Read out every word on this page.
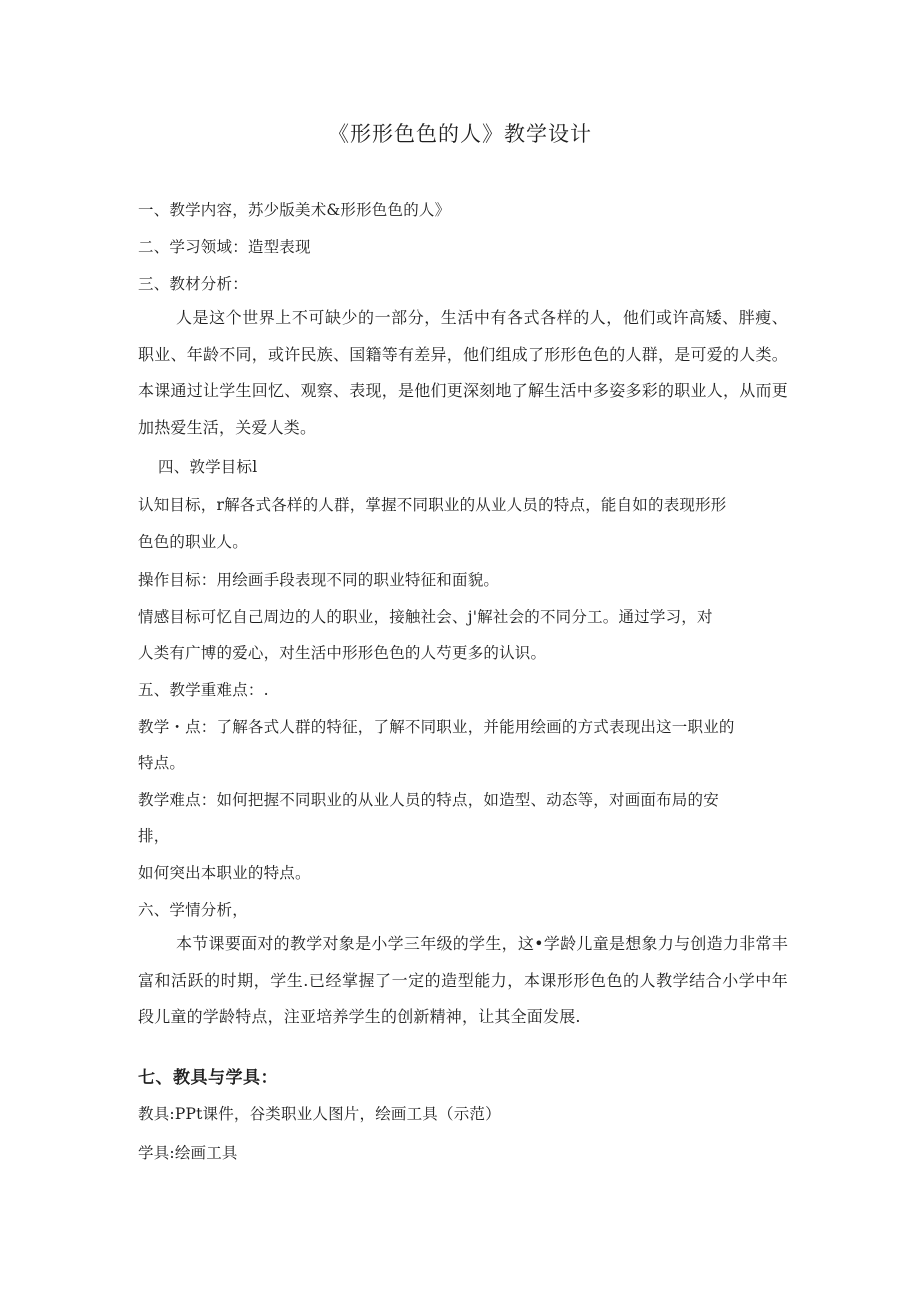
《形形色色的人》教学设计
一、教学内容，苏少版美术&形形色色的人》
二、学习领域：造型表现
三、教材分析：
人是这个世界上不可缺少的一部分，生活中有各式各样的人，他们或许高矮、胖瘦、职业、年龄不同，或许民族、国籍等有差异，他们组成了形形色色的人群，是可爱的人类。本课通过让学生回忆、观察、表现，是他们更深刻地了解生活中多姿多彩的职业人，从而更加热爱生活，关爱人类。
四、敦学目标l
认知目标，r解各式各样的人群，掌握不同职业的从业人员的特点，能自如的表现形形
色色的职业人。
操作目标：用绘画手段表现不同的职业特征和面貌。
情感目标可忆自己周边的人的职业，接触社会、j'解社会的不同分工。通过学习，对
人类有广博的爱心，对生活中形形色色的人芍更多的认识。
五、教学重难点：.
教学・点：了解各式人群的特征，了解不同职业，并能用绘画的方式表现出这一职业的
特点。
教学难点：如何把握不同职业的从业人员的特点，如造型、动态等，对画面布局的安
排，
如何突出本职业的特点。
六、学情分析，
本节课要面对的教学对象是小学三年级的学生，这•学龄儿童是想象力与创造力非常丰富和活跃的时期，学生.已经掌握了一定的造型能力，本课形形色色的人教学结合小学中年段儿童的学龄特点，注亚培养学生的创新精神，让其全面发展.
七、教具与学具：
教具:PPt课件，谷类职业人图片，绘画工具（示范）
学具:绘画工具
